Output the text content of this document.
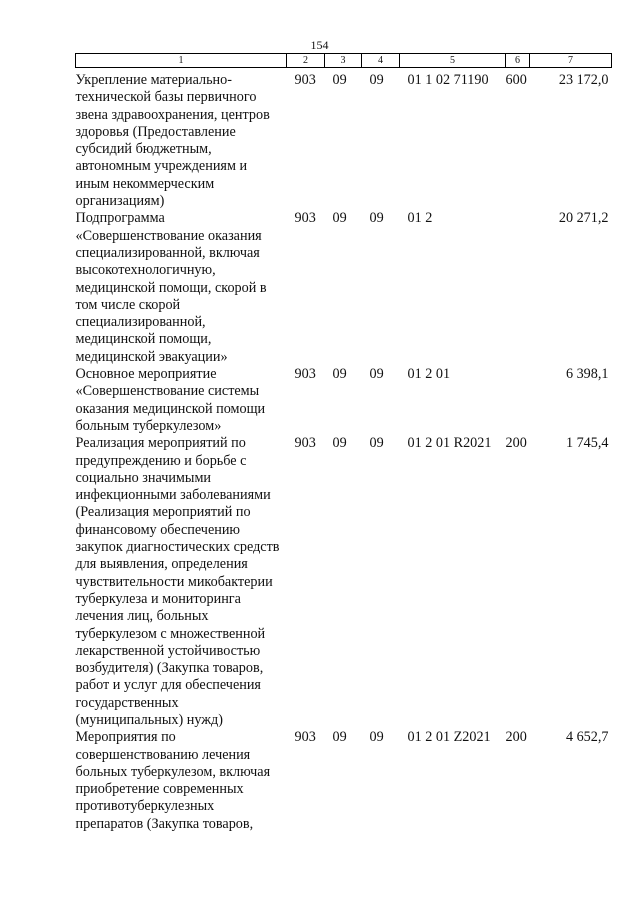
154
1	2	3	4	5	6	7
Укрепление материально-технической базы первичного звена здравоохранения, центров здоровья (Предоставление субсидий бюджетным, автономным учреждениям и иным некоммерческим организациям)	903	09	09	01 1 02 71190	600	23 172,0
Подпрограмма «Совершенствование оказания специализированной, включая высокотехнологичную, медицинской помощи, скорой в том числе скорой специализированной, медицинской помощи, медицинской эвакуации»	903	09	09	01 2		20 271,2
Основное мероприятие «Совершенствование системы оказания медицинской помощи больным туберкулезом»	903	09	09	01 2 01		6 398,1
Реализация мероприятий по предупреждению и борьбе с социально значимыми инфекционными заболеваниями (Реализация мероприятий по финансовому обеспечению закупок диагностических средств для выявления, определения чувствительности микобактерии туберкулеза и мониторинга лечения лиц, больных туберкулезом с множественной лекарственной устойчивостью возбудителя) (Закупка товаров, работ и услуг для обеспечения государственных (муниципальных) нужд)	903	09	09	01 2 01 R2021	200	1 745,4
Мероприятия по совершенствованию лечения больных туберкулезом, включая приобретение современных противотуберкулезных препаратов (Закупка товаров,	903	09	09	01 2 01 Z2021	200	4 652,7
